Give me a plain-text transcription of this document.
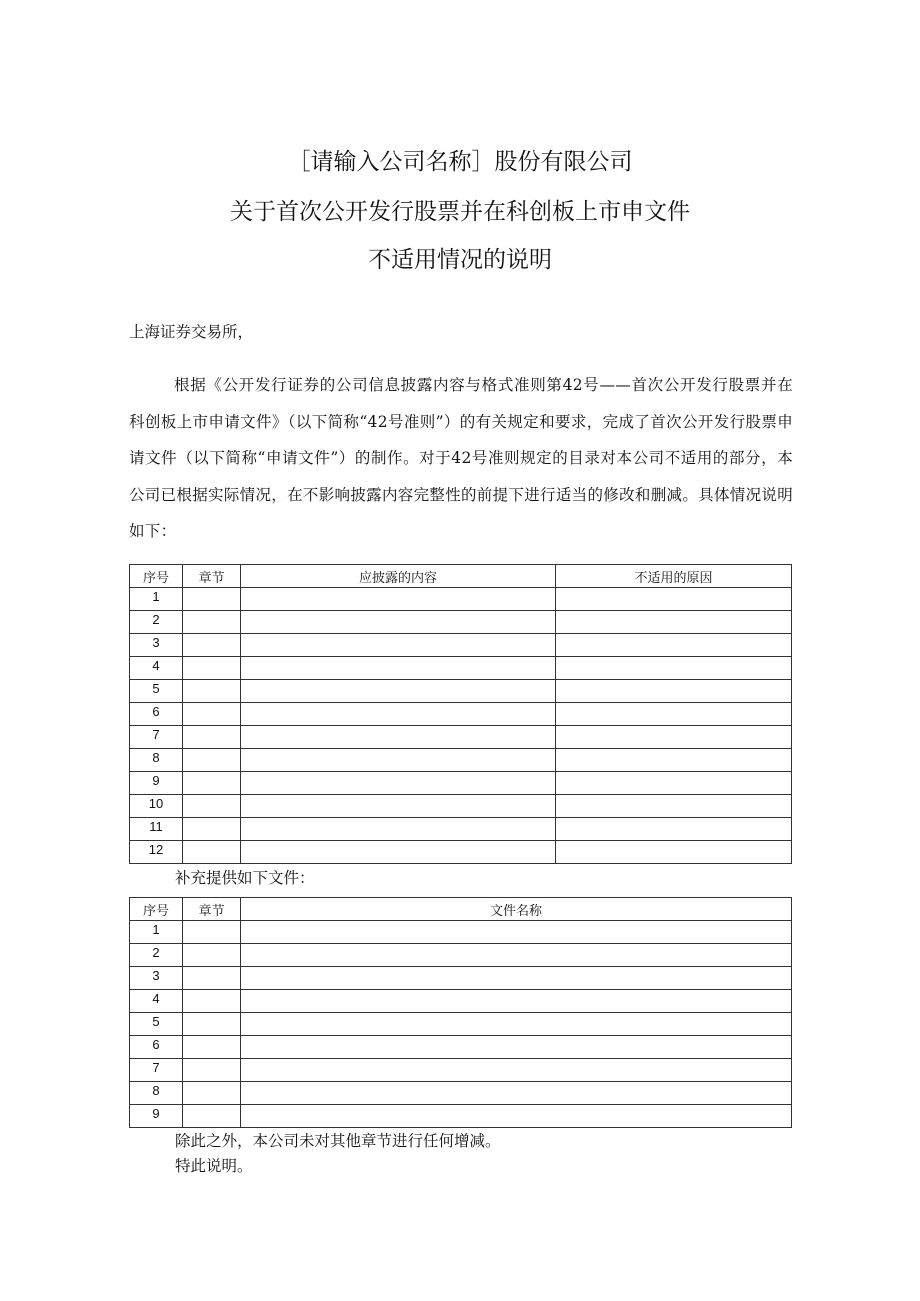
［请输入公司名称］股份有限公司
关于首次公开发行股票并在科创板上市申文件
不适用情况的说明
上海证券交易所，
根据《公开发行证券的公司信息披露内容与格式准则第42号——首次公开发行股票并在科创板上市申请文件》（以下简称“42号准则”）的有关规定和要求，完成了首次公开发行股票申请文件（以下简称“申请文件”）的制作。对于42号准则规定的目录对本公司不适用的部分，本公司已根据实际情况，在不影响披露内容完整性的前提下进行适当的修改和删减。具体情况说明如下：
序号	章节	应披露的内容	不适用的原因
1			
2			
3			
4			
5			
6			
7			
8			
9			
10			
11			
12			
补充提供如下文件：
序号	章节	文件名称
1		
2		
3		
4		
5		
6		
7		
8		
9		
除此之外，本公司未对其他章节进行任何增减。
特此说明。
